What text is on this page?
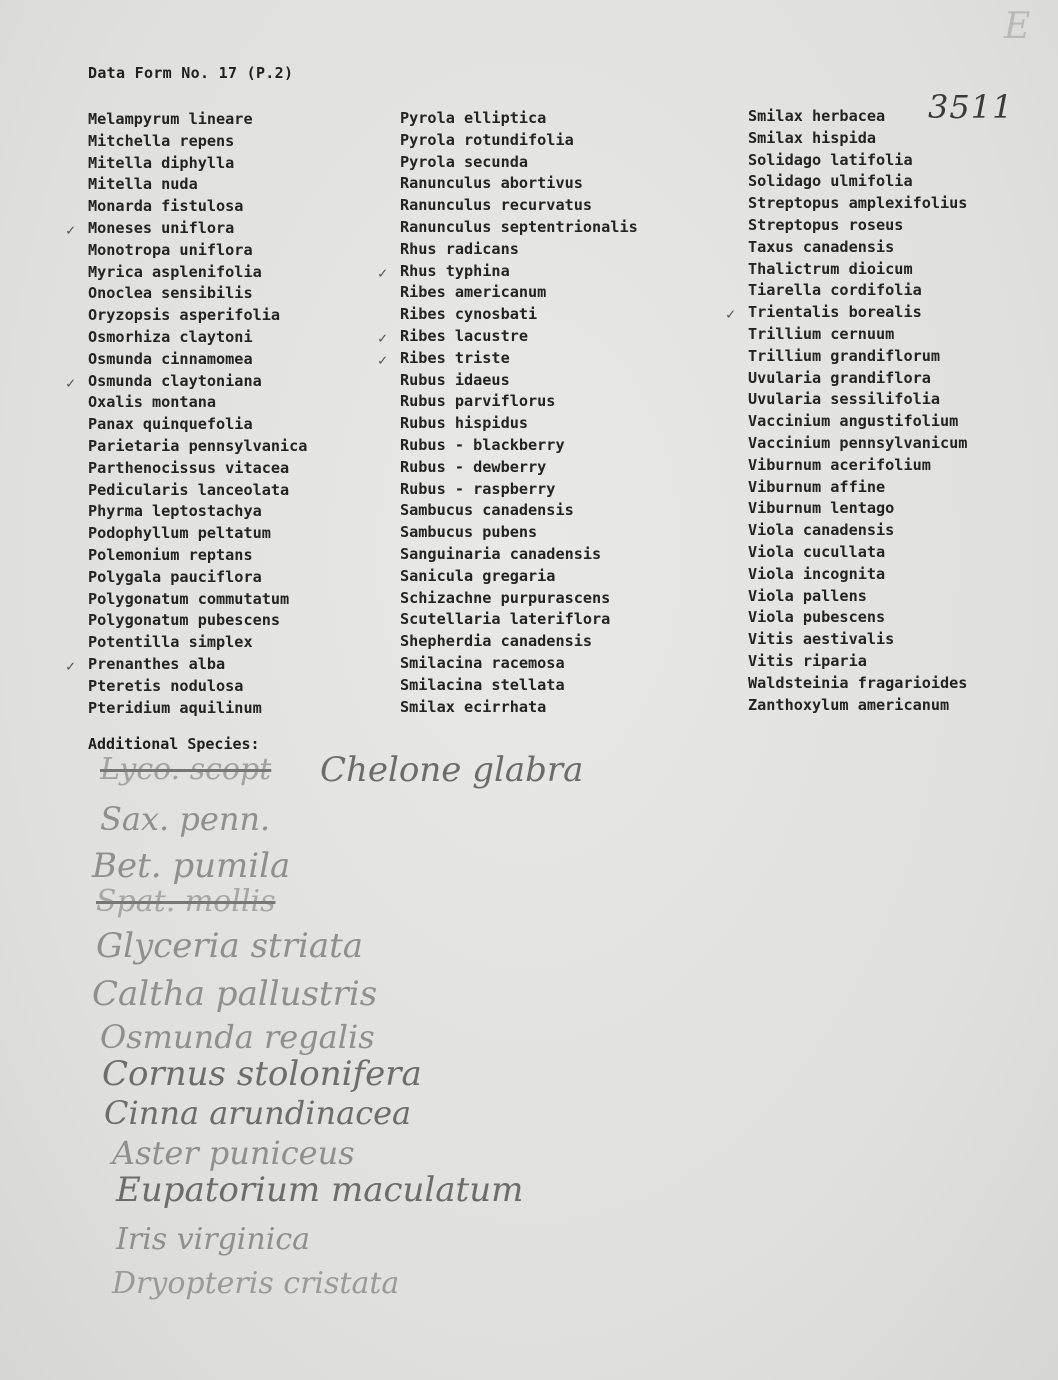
E
3511
Data Form No. 17 (P.2)
Melampyrum lineare
Mitchella repens
Mitella diphylla
Mitella nuda
Monarda fistulosa
✓ Moneses uniflora
Monotropa uniflora
Myrica asplenifolia
Onoclea sensibilis
Oryzopsis asperifolia
Osmorhiza claytoni
Osmunda cinnamomea
✓ Osmunda claytoniana
Oxalis montana
Panax quinquefolia
Parietaria pennsylvanica
Parthenocissus vitacea
Pedicularis lanceolata
Phyrma leptostachya
Podophyllum peltatum
Polemonium reptans
Polygala pauciflora
Polygonatum commutatum
Polygonatum pubescens
Potentilla simplex
✓ Prenanthes alba
Pteretis nodulosa
Pteridium aquilinum
Pyrola elliptica
Pyrola rotundifolia
Pyrola secunda
Ranunculus abortivus
Ranunculus recurvatus
Ranunculus septentrionalis
Rhus radicans
✓ Rhus typhina
Ribes americanum
Ribes cynosbati
✓ Ribes lacustre
✓ Ribes triste
Rubus idaeus
Rubus parviflorus
Rubus hispidus
Rubus - blackberry
Rubus - dewberry
Rubus - raspberry
Sambucus canadensis
Sambucus pubens
Sanguinaria canadensis
Sanicula gregaria
Schizachne purpurascens
Scutellaria lateriflora
Shepherdia canadensis
Smilacina racemosa
Smilacina stellata
Smilax ecirrhata
Smilax herbacea
Smilax hispida
Solidago latifolia
Solidago ulmifolia
Streptopus amplexifolius
Streptopus roseus
Taxus canadensis
Thalictrum dioicum
Tiarella cordifolia
✓ Trientalis borealis
Trillium cernuum
Trillium grandiflorum
Uvularia grandiflora
Uvularia sessilifolia
Vaccinium angustifolium
Vaccinium pennsylvanicum
Viburnum acerifolium
Viburnum affine
Viburnum lentago
Viola canadensis
Viola cucullata
Viola incognita
Viola pallens
Viola pubescens
Vitis aestivalis
Vitis riparia
Waldsteinia fragarioides
Zanthoxylum americanum
Additional Species:
Lyco. scopt Chelone glabra
Sax. penn.
Bet. pumila
Spat. mollis
Glyceria striata
Caltha pallustris
Osmunda regalis
Cornus stolonifera
Cinna arundinacea
Aster puniceus
Eupatorium maculatum
Iris virginica
Dryopteris cristata
